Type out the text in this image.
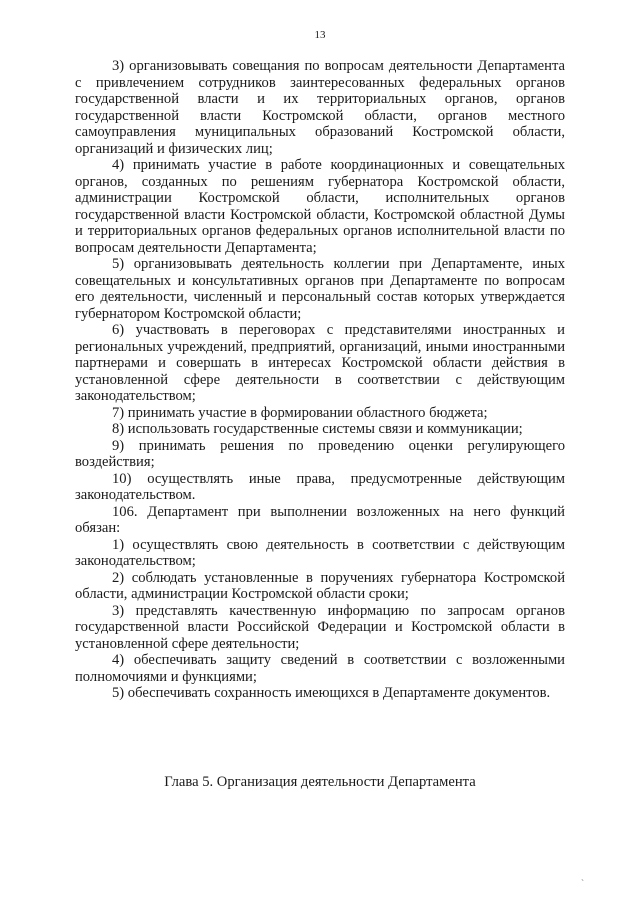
13

3) организовывать совещания по вопросам деятельности Департамента с привлечением сотрудников заинтересованных федеральных органов государственной власти и их территориальных органов, органов государственной власти Костромской области, органов местного самоуправления муниципальных образований Костромской области, организаций и физических лиц;

4) принимать участие в работе координационных и совещательных органов, созданных по решениям губернатора Костромской области, администрации Костромской области, исполнительных органов государственной власти Костромской области, Костромской областной Думы и территориальных органов федеральных органов исполнительной власти по вопросам деятельности Департамента;

5) организовывать деятельность коллегии при Департаменте, иных совещательных и консультативных органов при Департаменте по вопросам его деятельности, численный и персональный состав которых утверждается губернатором Костромской области;

6) участвовать в переговорах с представителями иностранных и региональных учреждений, предприятий, организаций, иными иностранными партнерами и совершать в интересах Костромской области действия в установленной сфере деятельности в соответствии с действующим законодательством;

7) принимать участие в формировании областного бюджета;

8) использовать государственные системы связи и коммуникации;

9) принимать решения по проведению оценки регулирующего воздействия;

10) осуществлять иные права, предусмотренные действующим законодательством.

106. Департамент при выполнении возложенных на него функций обязан:

1) осуществлять свою деятельность в соответствии с действующим законодательством;

2) соблюдать установленные в поручениях губернатора Костромской области, администрации Костромской области сроки;

3) представлять качественную информацию по запросам органов государственной власти Российской Федерации и Костромской области в установленной сфере деятельности;

4) обеспечивать защиту сведений в соответствии с возложенными полномочиями и функциями;

5) обеспечивать сохранность имеющихся в Департаменте документов.

Глава 5. Организация деятельности Департамента

、
